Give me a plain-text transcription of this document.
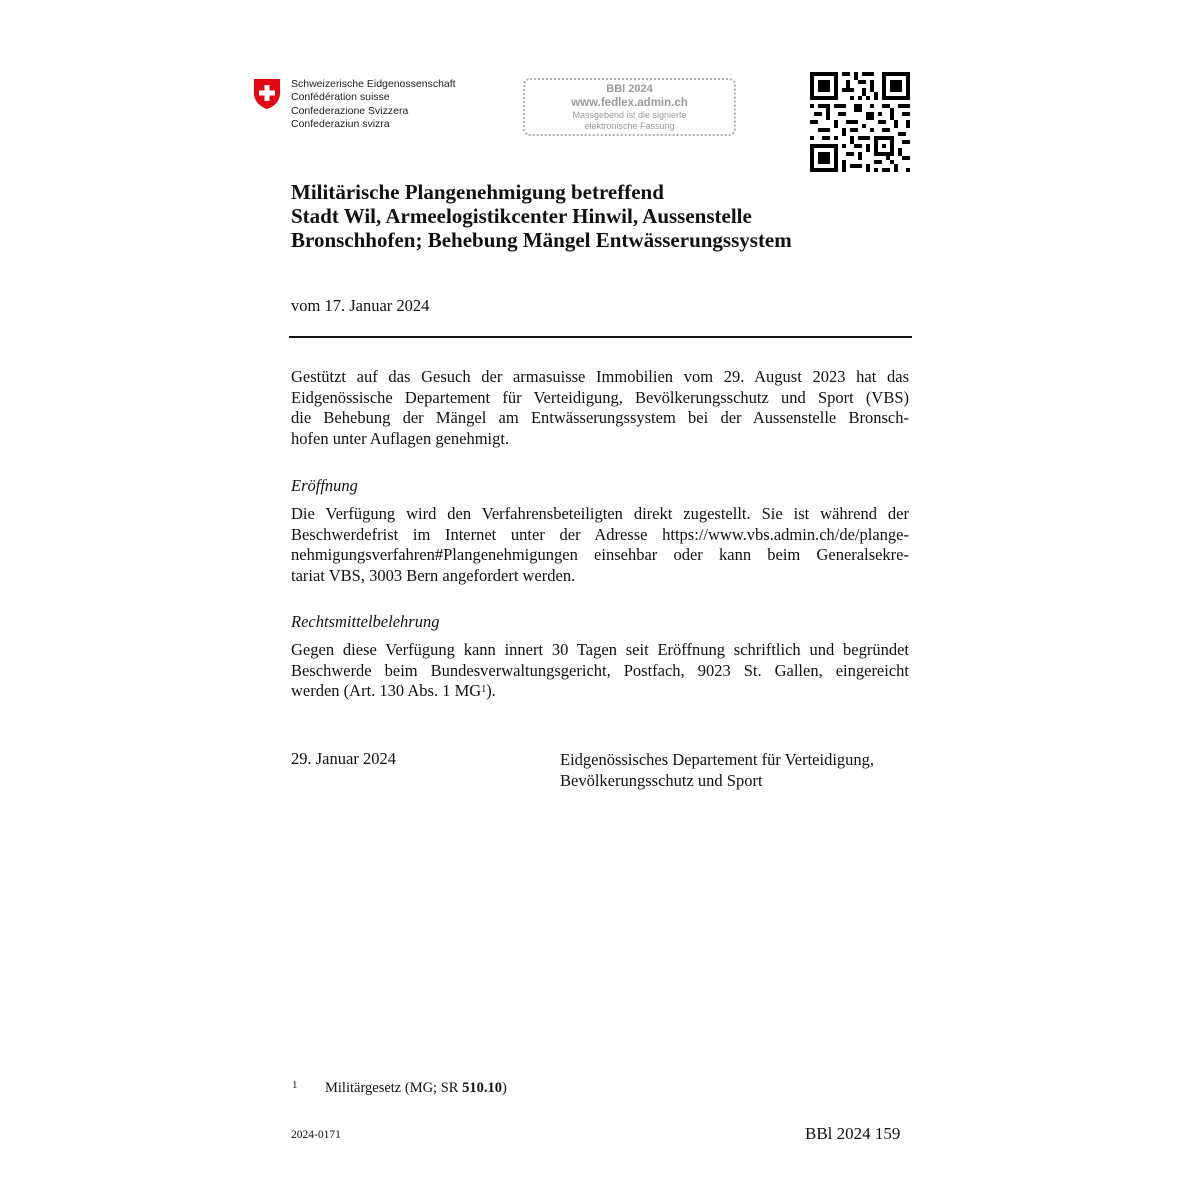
Schweizerische Eidgenossenschaft
Confédération suisse
Confederazione Svizzera
Confederaziun svizra
BBl 2024
www.fedlex.admin.ch
Massgebend ist die signierte
elektronische Fassung
Militärische Plangenehmigung betreffend
Stadt Wil, Armeelogistikcenter Hinwil, Aussenstelle
Bronschhofen; Behebung Mängel Entwässerungssystem
vom 17. Januar 2024
Gestützt auf das Gesuch der armasuisse Immobilien vom 29. August 2023 hat das
Eidgenössische Departement für Verteidigung, Bevölkerungsschutz und Sport (VBS)
die Behebung der Mängel am Entwässerungssystem bei der Aussenstelle Bronsch-
hofen unter Auflagen genehmigt.
Eröffnung
Die Verfügung wird den Verfahrensbeteiligten direkt zugestellt. Sie ist während der
Beschwerdefrist im Internet unter der Adresse https://www.vbs.admin.ch/de/plange-
nehmigungsverfahren#Plangenehmigungen einsehbar oder kann beim Generalsekre-
tariat VBS, 3003 Bern angefordert werden.
Rechtsmittelbelehrung
Gegen diese Verfügung kann innert 30 Tagen seit Eröffnung schriftlich und begründet
Beschwerde beim Bundesverwaltungsgericht, Postfach, 9023 St. Gallen, eingereicht
werden (Art. 130 Abs. 1 $MG^1$).
29. Januar 2024	Eidgenössisches Departement für Verteidigung,
Bevölkerungsschutz und Sport
1 Militärgesetz (MG; SR 510.10)
2024-0171	BBl 2024 159
